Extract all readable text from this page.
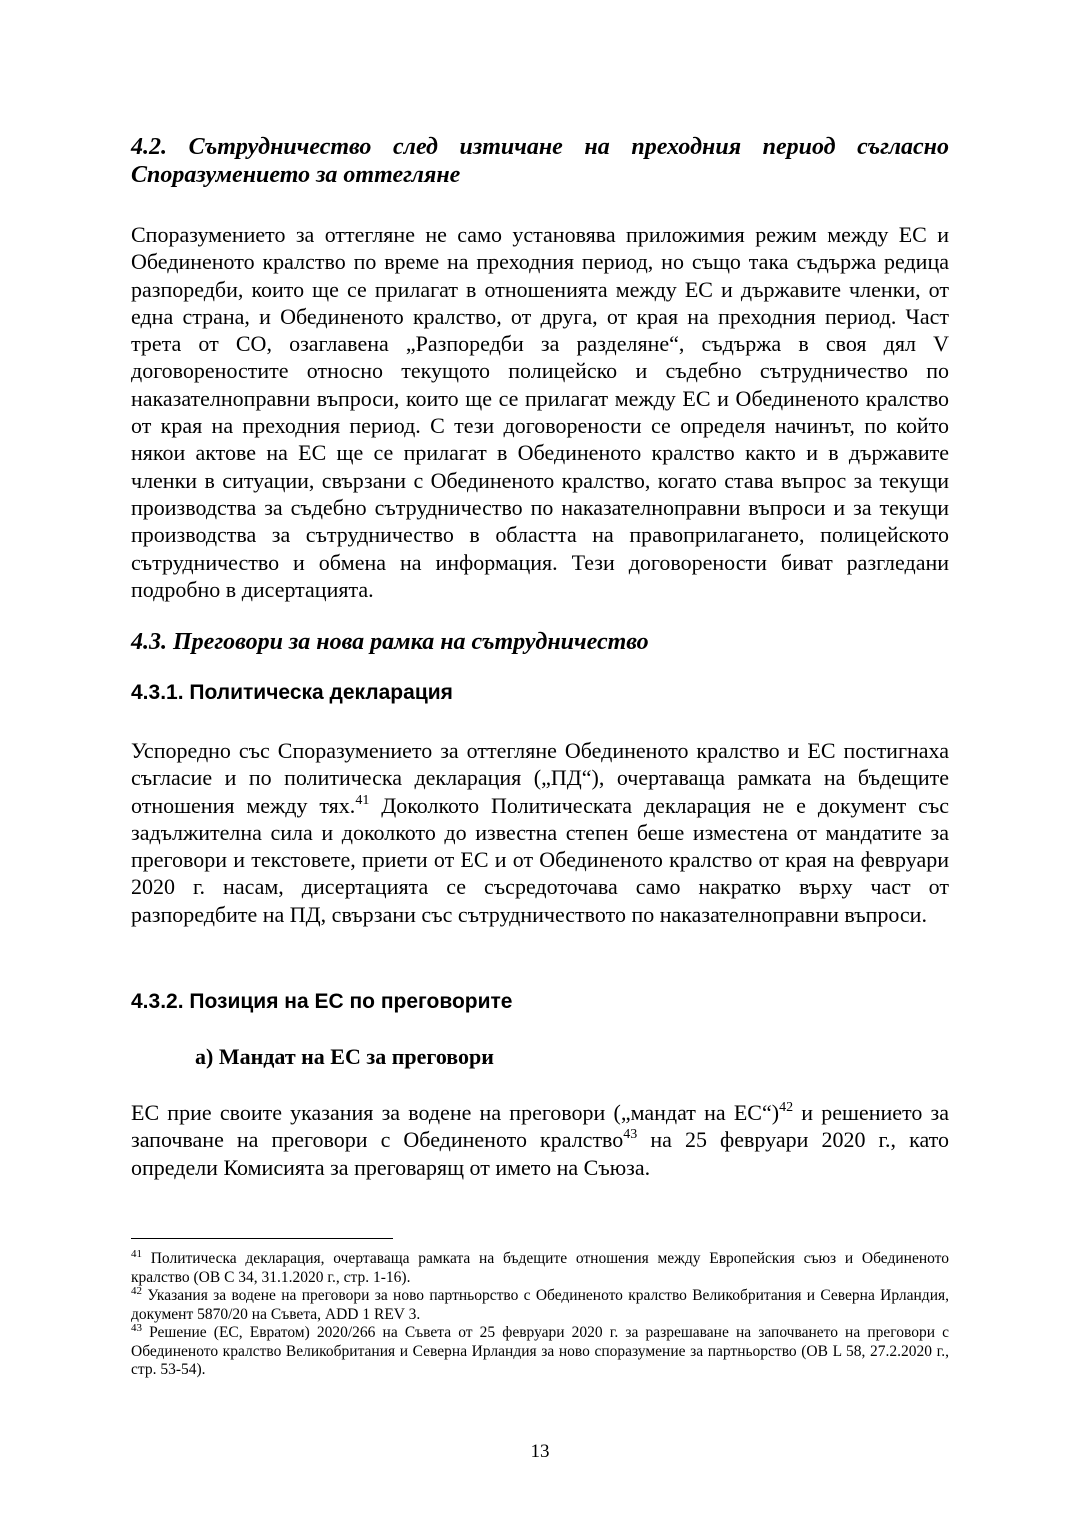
4.2. Сътрудничество след изтичане на преходния период съгласно Споразумението за оттегляне

Споразумението за оттегляне не само установява приложимия режим между ЕС и Обединеното кралство по време на преходния период, но също така съдържа редица разпоредби, които ще се прилагат в отношенията между ЕС и държавите членки, от една страна, и Обединеното кралство, от друга, от края на преходния период. Част трета от СО, озаглавена „Разпоредби за разделяне“, съдържа в своя дял V договореностите относно текущото полицейско и съдебно сътрудничество по наказателноправни въпроси, които ще се прилагат между ЕС и Обединеното кралство от края на преходния период. С тези договорености се определя начинът, по който някои актове на ЕС ще се прилагат в Обединеното кралство както и в държавите членки в ситуации, свързани с Обединеното кралство, когато става въпрос за текущи производства за съдебно сътрудничество по наказателноправни въпроси и за текущи производства за сътрудничество в областта на правоприлагането, полицейското сътрудничество и обмена на информация. Тези договорености биват разгледани подробно в дисертацията.

4.3. Преговори за нова рамка на сътрудничество
4.3.1. Политическа декларация

Успоредно със Споразумението за оттегляне Обединеното кралство и ЕС постигнаха съгласие и по политическа декларация („ПД“), очертаваща рамката на бъдещите отношения между тях.$^{41}$ Доколкото Политическата декларация не е документ със задължителна сила и доколкото до известна степен беше изместена от мандатите за преговори и текстовете, приети от ЕС и от Обединеното кралство от края на февруари 2020 г. насам, дисертацията се съсредоточава само накратко върху част от разпоредбите на ПД, свързани със сътрудничеството по наказателноправни въпроси.

4.3.2. Позиция на ЕС по преговорите
а) Мандат на ЕС за преговори

ЕС прие своите указания за водене на преговори („мандат на ЕС“)$^{42}$ и решението за започване на преговори с Обединеното кралство$^{43}$ на 25 февруари 2020 г., като определи Комисията за преговарящ от името на Съюза.

$^{41}$ Политическа декларация, очертаваща рамката на бъдещите отношения между Европейския съюз и Обединеното кралство (ОВ C 34, 31.1.2020 г., стр. 1-16).

$^{42}$ Указания за водене на преговори за ново партньорство с Обединеното кралство Великобритания и Северна Ирландия, документ 5870/20 на Съвета, ADD 1 REV 3.

$^{43}$ Решение (ЕС, Евратом) 2020/266 на Съвета от 25 февруари 2020 г. за разрешаване на започването на преговори с Обединеното кралство Великобритания и Северна Ирландия за ново споразумение за партньорство (ОВ L 58, 27.2.2020 г., стр. 53-54).

13
